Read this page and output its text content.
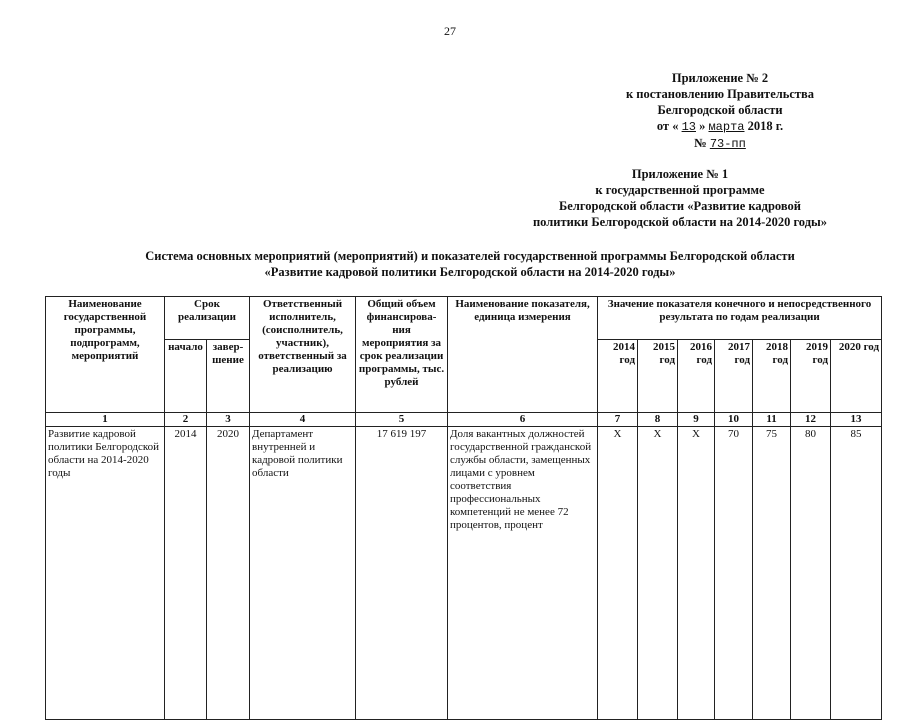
27
Приложение № 2
к постановлению Правительства
Белгородской области
от « 13 » марта 2018 г.
№ 73-пп
Приложение № 1
к государственной программе
Белгородской области «Развитие кадровой
политики Белгородской области на 2014-2020 годы»
Система основных мероприятий (мероприятий) и показателей государственной программы Белгородской области
«Развитие кадровой политики Белгородской области на 2014-2020 годы»
Наименование государственной программы, подпрограмм, мероприятий	Срок реализации		Ответственный исполнитель, (соисполнитель, участник), ответственный за реализацию	Общий объем финансирова-ния мероприятия за срок реализации программы, тыс. рублей	Наименование показателя, единица измерения	Значение показателя конечного и непосредственного результата по годам реализации						
	начало	завер-шение				2014 год	2015 год	2016 год	2017 год	2018 год	2019 год	2020 год
1	2	3	4	5	6	7	8	9	10	11	12	13
Развитие кадровой политики Белгородской области на 2014-2020 годы	2014	2020	Департамент внутренней и кадровой политики области	17 619 197	Доля вакантных должностей государственной гражданской службы области, замещенных лицами с уровнем соответствия профессиональных компетенций не менее 72 процентов, процент	X	X	X	70	75	80	85
